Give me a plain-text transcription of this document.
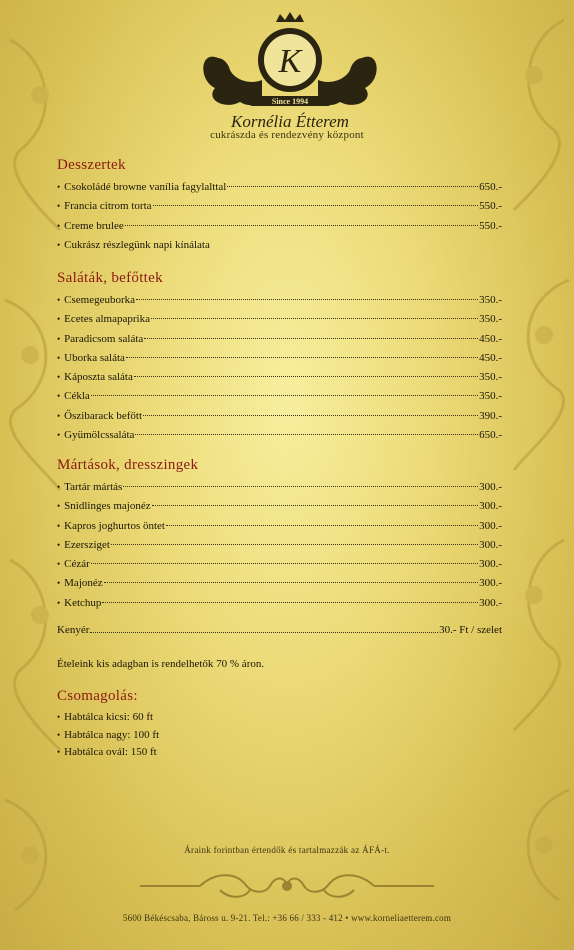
K
Since 1994
Kornélia Étterem
cukrászda és rendezvény központ
Desszertek
• Csokoládé browne vanília fagylalttal	650.-
• Francia citrom torta	550.-
• Creme brulee	550.-
• Cukrász részlegünk napi kínálata
Saláták, befőttek
• Csemegeuborka	350.-
• Ecetes almapaprika	350.-
• Paradicsom saláta	450.-
• Uborka saláta	450.-
• Káposzta saláta	350.-
• Cékla	350.-
• Őszibarack befőtt	390.-
• Gyümölcssaláta	650.-
Mártások, dresszingek
• Tartár mártás	300.-
• Snidlinges majonéz	300.-
• Kapros joghurtos öntet	300.-
• Ezersziget	300.-
• Cézár	300.-
• Majonéz	300.-
• Ketchup	300.-
Kenyér	30.- Ft / szelet
Ételeink kis adagban is rendelhetők 70 % áron.
Csomagolás:
• Habtálca kicsi: 60 ft
• Habtálca nagy: 100 ft
• Habtálca ovál: 150 ft
Áraink forintban értendők és tartalmazzák az ÁFÁ-t.
5600 Békéscsaba, Báross u. 9-21. Tel.: +36 66 / 333 - 412 • www.korneliaetterem.com
